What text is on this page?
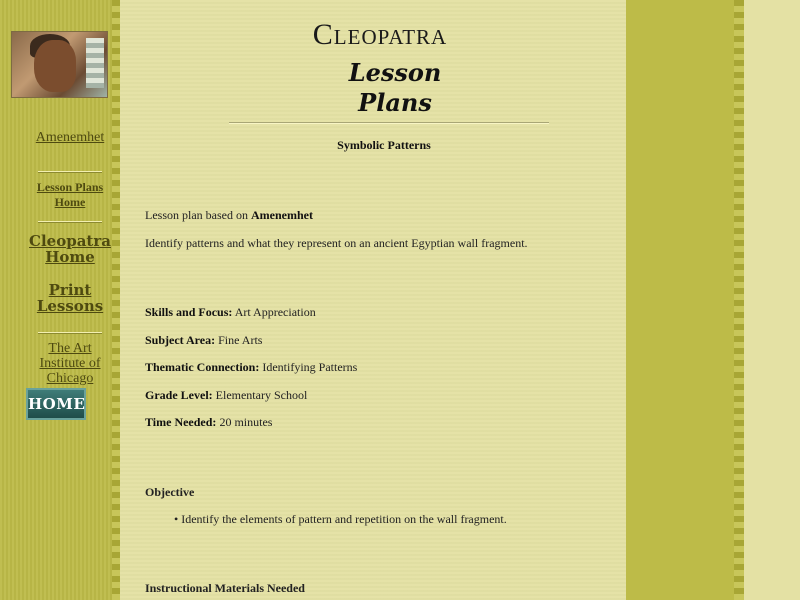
Amenemhet
Lesson Plans
Home
Cleopatra
Home
Print
Lessons
The Art
Institute of
Chicago
HOME
Cleopatra
Lesson
Plans
Symbolic Patterns
Lesson plan based on Amenemhet
Identify patterns and what they represent on an ancient Egyptian wall fragment.
Skills and Focus: Art Appreciation
Subject Area: Fine Arts
Thematic Connection: Identifying Patterns
Grade Level: Elementary School
Time Needed: 20 minutes
Objective
• Identify the elements of pattern and repetition on the wall fragment.
Instructional Materials Needed
